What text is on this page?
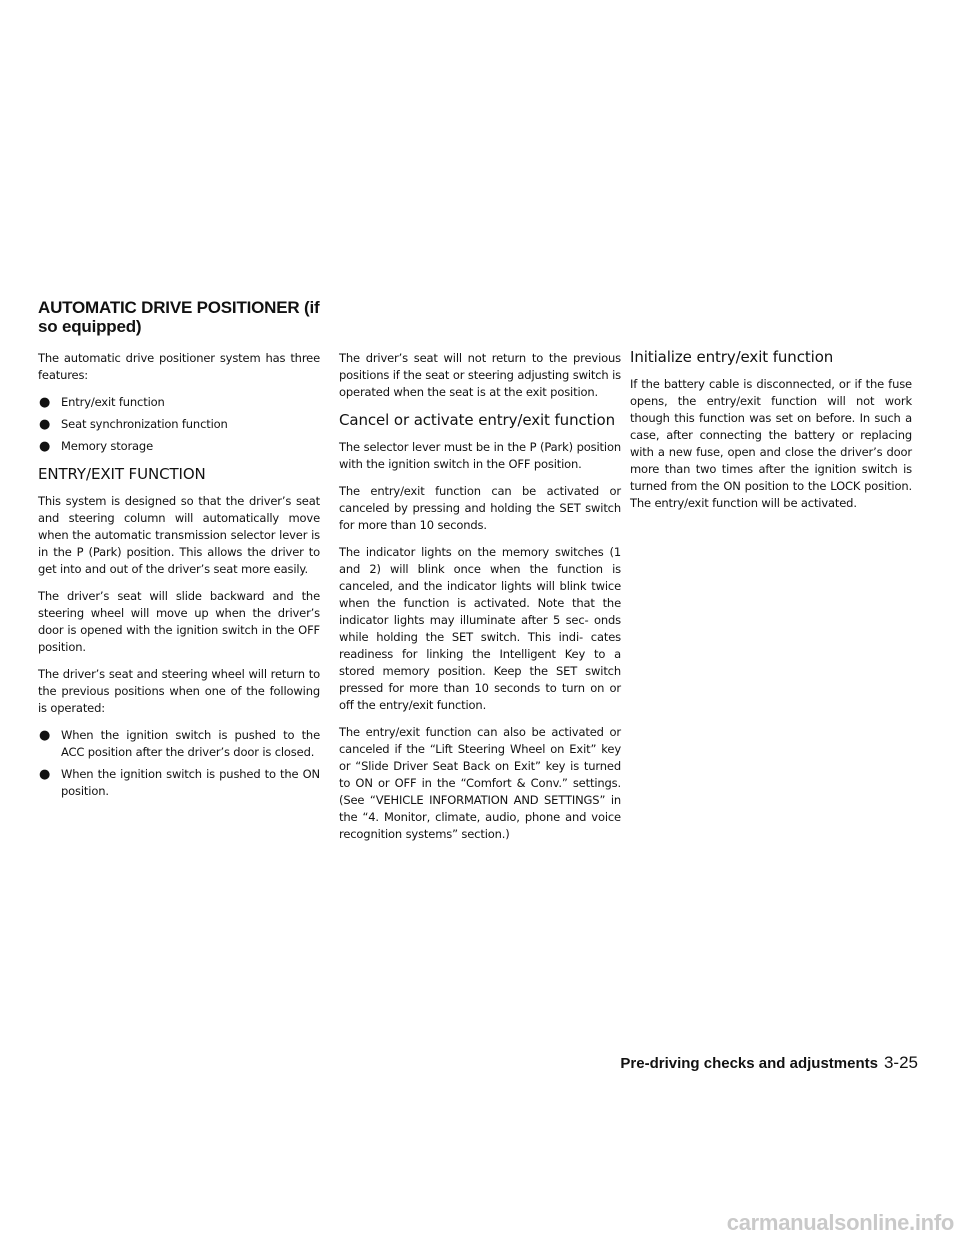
AUTOMATIC DRIVE POSITIONER (if so equipped)

The automatic drive positioner system has three features:

● Entry/exit function
● Seat synchronization function
● Memory storage
ENTRY/EXIT FUNCTION

This system is designed so that the driver’s seat and steering column will automatically move when the automatic transmission selector lever is in the P (Park) position. This allows the driver to get into and out of the driver’s seat more easily.

The driver’s seat will slide backward and the steering wheel will move up when the driver’s door is opened with the ignition switch in the OFF position.

The driver’s seat and steering wheel will return to the previous positions when one of the following is operated:

● When the ignition switch is pushed to the ACC position after the driver’s door is closed.
● When the ignition switch is pushed to the ON position.

The driver’s seat will not return to the previous positions if the seat or steering adjusting switch is operated when the seat is at the exit position.

Cancel or activate entry/exit function

The selector lever must be in the P (Park) position with the ignition switch in the OFF position.

The entry/exit function can be activated or canceled by pressing and holding the SET switch for more than 10 seconds.

The indicator lights on the memory switches (1 and 2) will blink once when the function is canceled, and the indicator lights will blink twice when the function is activated. Note that the indicator lights may illuminate after 5 sec- onds while holding the SET switch. This indi- cates readiness for linking the Intelligent Key to a stored memory position. Keep the SET switch pressed for more than 10 seconds to turn on or off the entry/exit function.

The entry/exit function can also be activated or canceled if the “Lift Steering Wheel on Exit” key or “Slide Driver Seat Back on Exit” key is turned to ON or OFF in the “Comfort & Conv.” settings. (See “VEHICLE INFORMATION AND SETTINGS” in the “4. Monitor, climate, audio, phone and voice recognition systems” section.)

Initialize entry/exit function

If the battery cable is disconnected, or if the fuse opens, the entry/exit function will not work though this function was set on before. In such a case, after connecting the battery or replacing with a new fuse, open and close the driver’s door more than two times after the ignition switch is turned from the ON position to the LOCK position. The entry/exit function will be activated.

Pre-driving checks and adjustments 3-25
carmanualsonline.info
